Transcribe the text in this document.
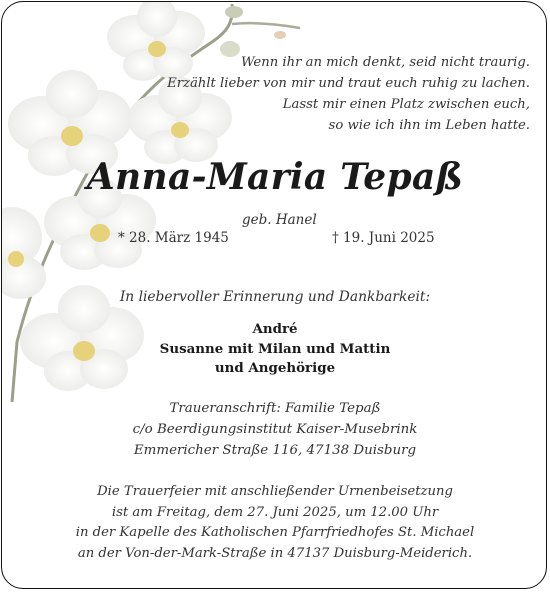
Wenn ihr an mich denkt, seid nicht traurig.
Erzählt lieber von mir und traut euch ruhig zu lachen.
Lasst mir einen Platz zwischen euch,
so wie ich ihn im Leben hatte.
Anna-Maria Tepaß
geb. Hanel
* 28. März 1945	† 19. Juni 2025
In liebervoller Erinnerung und Dankbarkeit:
André
Susanne mit Milan und Mattin
und Angehörige
Traueranschrift: Familie Tepaß
c/o Beerdigungsinstitut Kaiser-Musebrink
Emmericher Straße 116, 47138 Duisburg
Die Trauerfeier mit anschließender Urnenbeisetzung
ist am Freitag, dem 27. Juni 2025, um 12.00 Uhr
in der Kapelle des Katholischen Pfarrfriedhofes St. Michael
an der Von-der-Mark-Straße in 47137 Duisburg-Meiderich.
